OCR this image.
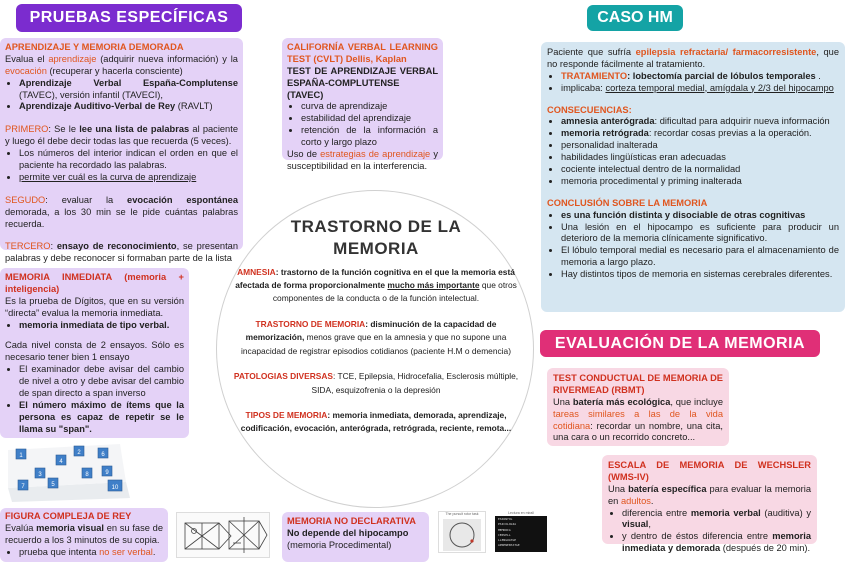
PRUEBAS ESPECÍFICAS	CASO HM
EVALUACIÓN DE LA MEMORIA
APRENDIZAJE Y MEMORIA DEMORADA

Evalua el aprendizaje (adquirir nueva información) y la evocación (recuperar y hacerla consciente)

• Aprendizaje Verbal España-Complutense (TAVEC), versión infantil (TAVECI),
• Aprendizaje Auditivo-Verbal de Rey (RAVLT)

PRIMERO: Se le lee una lista de palabras al paciente y luego él debe decir todas las que recuerda (5 veces).

• Los números del interior indican el orden en que el paciente ha recordado las palabras.
• permite ver cuál es la curva de aprendizaje

SEGUDO: evaluar la evocación espontánea demorada, a los 30 min se le pide cuántas palabras recuerda.

TERCERO: ensayo de reconocimiento, se presentan palabras y debe reconocer si formaban parte de la lista

CALIFORNÍA VERBAL LEARNING TEST (CVLT) Dellis, Kaplan
TEST DE APRENDIZAJE VERBAL ESPAÑA-COMPLUTENSE (TAVEC)
• curva de aprendizaje
• estabilidad del aprendizaje
• retención de la información a corto y largo plazo

Uso de estrategias de aprendizaje y susceptibilidad en la interferencia.

MEMORIA INMEDIATA (memoria + inteligencia)

Es la prueba de Dígitos, que en su versión “directa” evalua la memoria inmediata.

• memoria inmediata de tipo verbal.

Cada nivel consta de 2 ensayos. Sólo es necesario tener bien 1 ensayo

• El examinador debe avisar del cambio de nivel a otro y debe avisar del cambio de span directo a span inverso
• El número máximo de ítems que la persona es capaz de repetir se le llama su "span".
1	2
3
4
5
6
7
8	9
10
FIGURA COMPLEJA DE REY

Evalúa memoria visual en su fase de recuerdo a los 3 minutos de su copia.

• prueba que intenta no ser verbal.
MEMORIA NO DECLARATIVA

No depende del hipocampo (memoria Procedimental)

The pursuit rotor task	Lectura en mirall
ESPANYOL
PSICOLOGIA
MEMORIA
CERVELL
LLENGUATGE
APRENENTATGE
TRASTORNO DE LA
MEMORIA
AMNESIA: trastorno de la función cognitiva en el que la memoria está afectada de forma proporcionalmente mucho más importante que otros componentes de la conducta o de la función intelectual.
TRASTORNO DE MEMORIA: disminución de la capacidad de memorización, menos grave que en la amnesia y que no supone una incapacidad de registrar episodios cotidianos (paciente H.M o demencia)
PATOLOGIAS DIVERSAS: TCE, Epilepsia, Hidrocefalia, Esclerosis múltiple, SIDA, esquizofrenia o la depresión
TIPOS DE MEMORIA: memoria inmediata, demorada, aprendizaje, codificación, evocación, anterógrada, retrógrada, reciente, remota...

Paciente que sufría epilepsia refractaria/ farmacorresistente, que no responde fácilmente al tratamiento.

• TRATAMIENTO: lobectomía parcial de lóbulos temporales .
• implicaba: corteza temporal medial, amígdala y 2/3 del hipocampo
CONSECUENCIAS:
• amnesia anterógrada: dificultad para adquirir nueva información
• memoria retrógrada: recordar cosas previas a la operación.
• personalidad inalterada
• habilidades lingüísticas eran adecuadas
• cociente intelectual dentro de la normalidad
• memoria procedimental y priming inalterada
CONCLUSIÓN SOBRE LA MEMORIA
• es una función distinta y disociable de otras cognitivas
• Una lesión en el hipocampo es suficiente para producir un deterioro de la memoria clínicamente significativo.
• El lóbulo temporal medial es necesario para el almacenamiento de memoria a largo plazo.
• Hay distintos tipos de memoria en sistemas cerebrales diferentes.
TEST CONDUCTUAL DE MEMORIA DE RIVERMEAD (RBMT)

Una batería más ecológica, que incluye tareas similares a las de la vida cotidiana: recordar un nombre, una cita, una cara o un recorrido concreto...

ESCALA DE MEMORIA DE WECHSLER (WMS-IV)

Una batería específica para evaluar la memoria en adultos.

• diferencia entre memoria verbal (auditiva) y visual,
• y dentro de éstos diferencia entre memoria inmediata y demorada (después de 20 min).
